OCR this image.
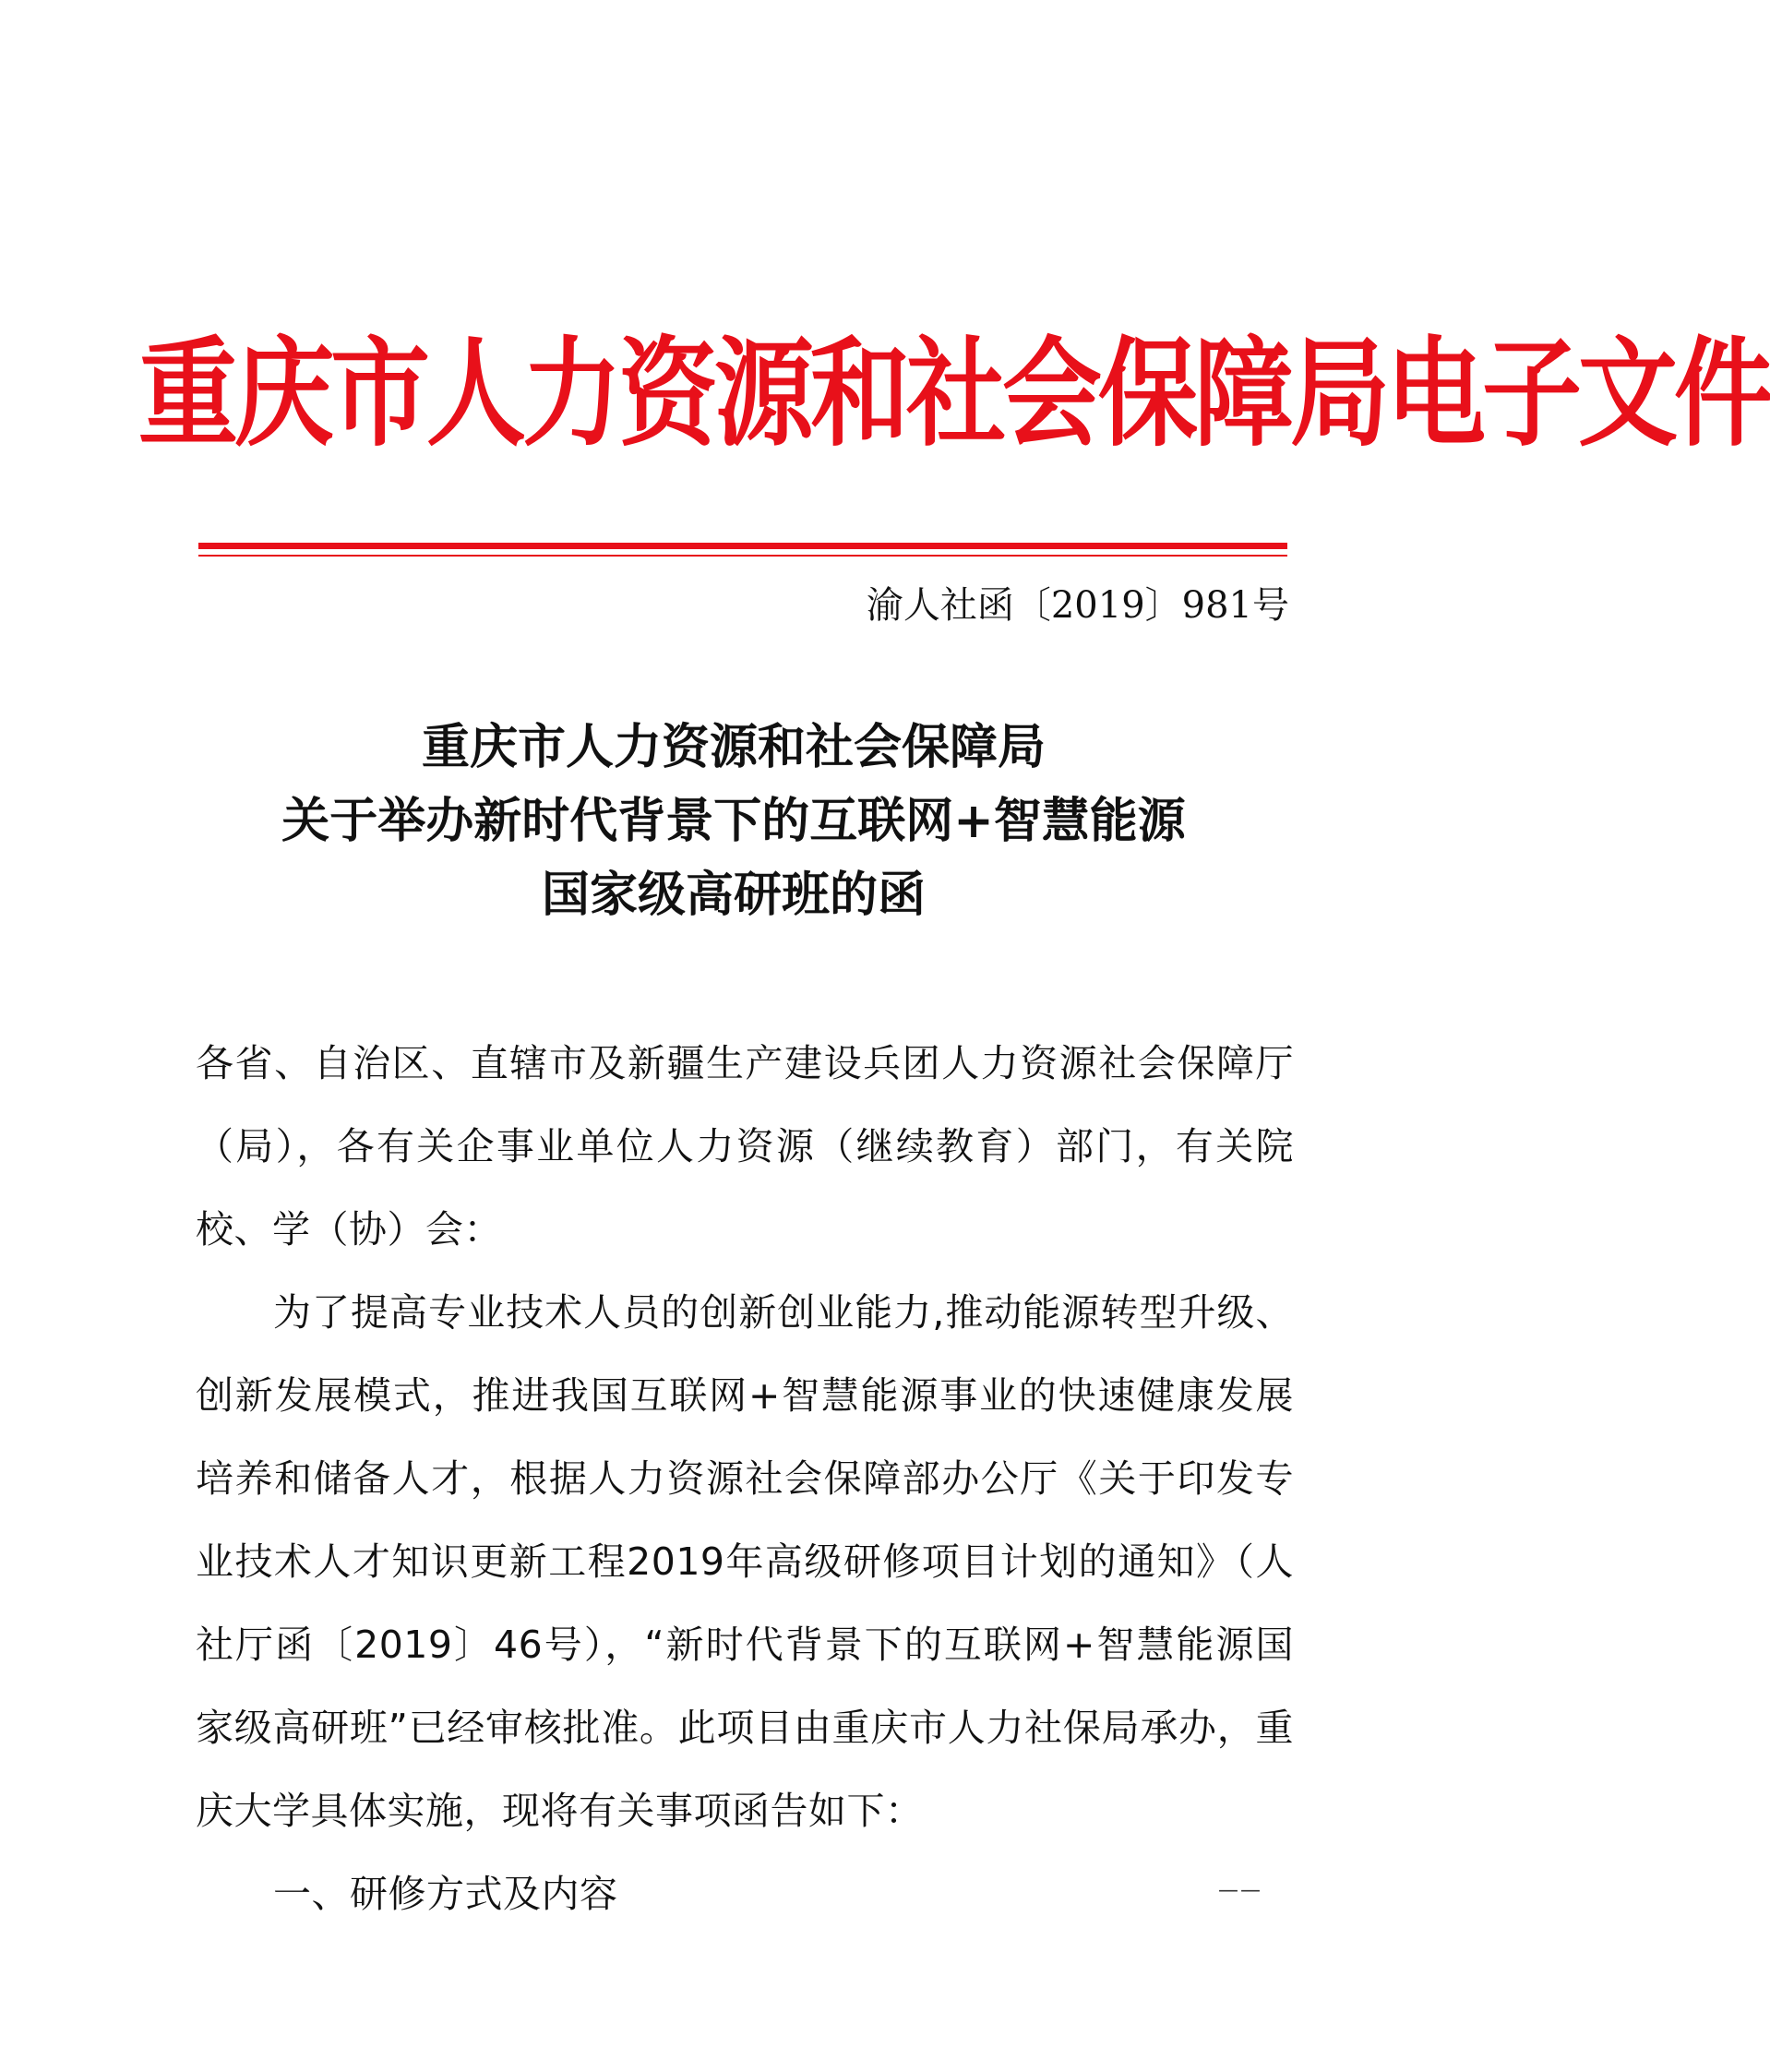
重庆市人力资源和社会保障局电子文件
渝人社函〔2019〕981号
重庆市人力资源和社会保障局
关于举办新时代背景下的互联网+智慧能源
国家级高研班的函

各省、自治区、直辖市及新疆生产建设兵团人力资源社会保障厅（局），各有关企事业单位人力资源（继续教育）部门，有关院校、学（协）会：

为了提高专业技术人员的创新创业能力,推动能源转型升级、创新发展模式，推进我国互联网+智慧能源事业的快速健康发展培养和储备人才，根据人力资源社会保障部办公厅《关于印发专业技术人才知识更新工程2019年高级研修项目计划的通知》（人社厅函〔2019〕46号），“新时代背景下的互联网+智慧能源国家级高研班”已经审核批准。此项目由重庆市人力社保局承办，重庆大学具体实施，现将有关事项函告如下：

一、研修方式及内容	——
